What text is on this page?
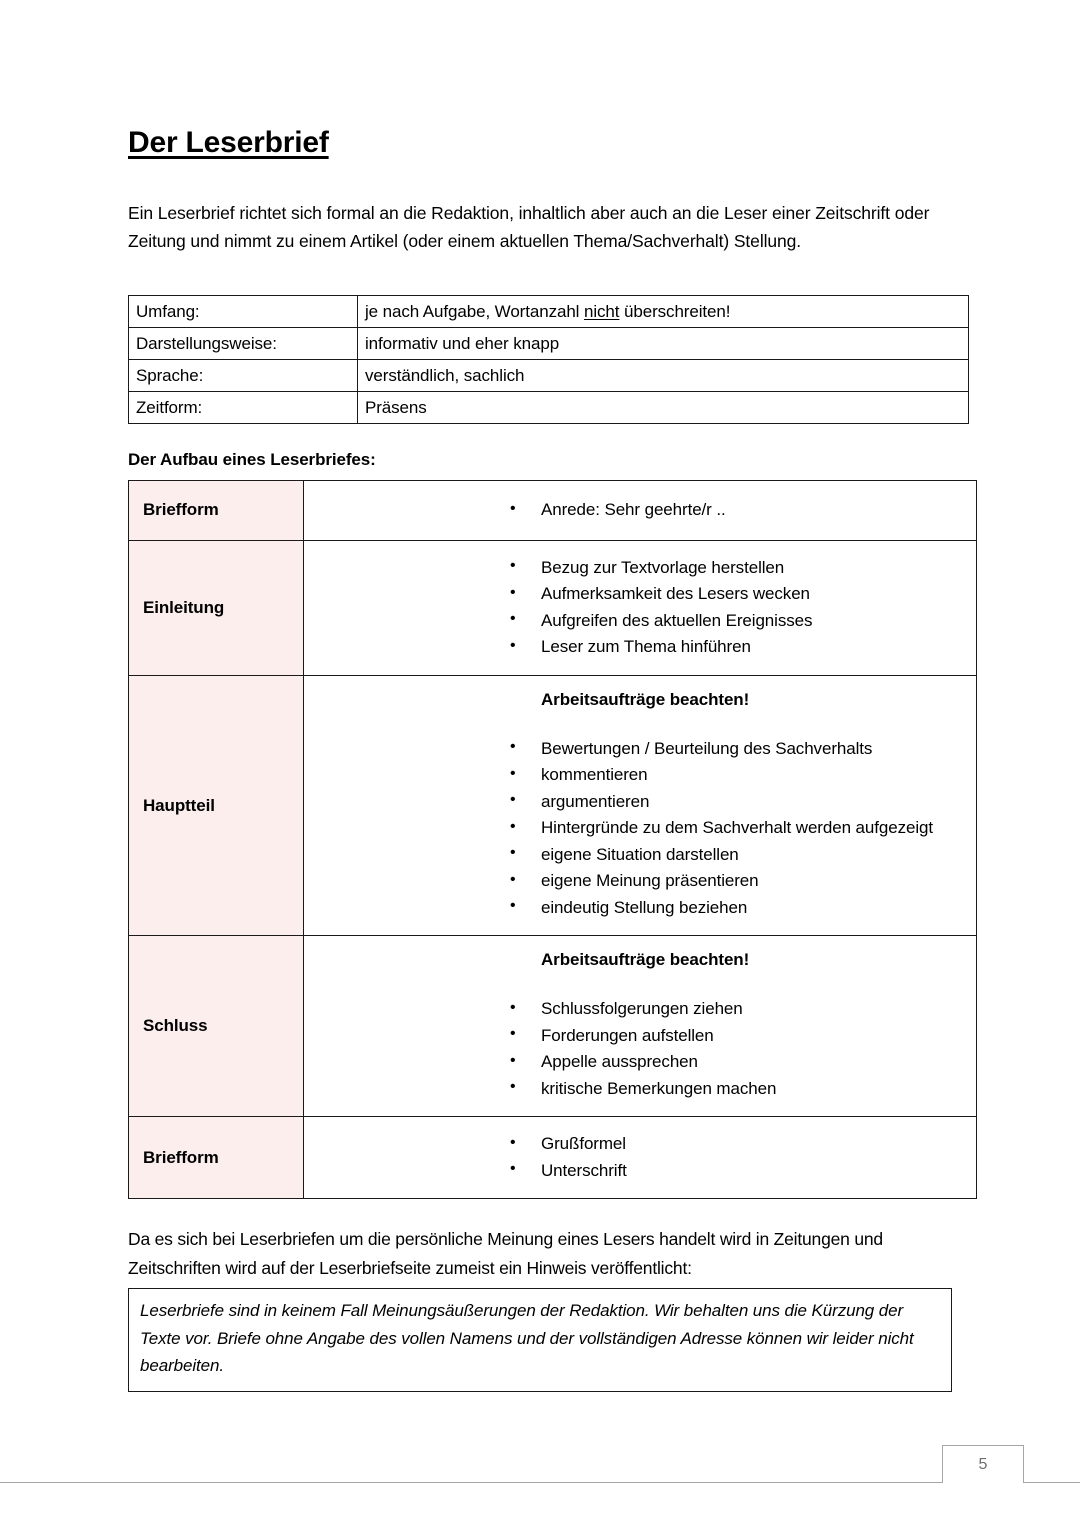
Der Leserbrief

Ein Leserbrief richtet sich formal an die Redaktion, inhaltlich aber auch an die Leser einer Zeitschrift oder Zeitung und nimmt zu einem Artikel (oder einem aktuellen Thema/Sachverhalt) Stellung.

Umfang:	je nach Aufgabe, Wortanzahl nicht überschreiten!
Darstellungsweise:	informativ und eher knapp
Sprache:	verständlich, sachlich
Zeitform:	Präsens

Der Aufbau eines Leserbriefes:

Briefform	
•Anrede: Sehr geehrte/r ..

Einleitung	
• Bezug zur Textvorlage herstellen
• Aufmerksamkeit des Lesers wecken
• Aufgreifen des aktuellen Ereignisses
• Leser zum Thema hinführen

Hauptteil	

Arbeitsaufträge beachten!

• Bewertungen / Beurteilung des Sachverhalts
• kommentieren
• argumentieren
• Hintergründe zu dem Sachverhalt werden aufgezeigt
• eigene Situation darstellen
• eigene Meinung präsentieren
• eindeutig Stellung beziehen

Schluss	

Arbeitsaufträge beachten!

• Schlussfolgerungen ziehen
• Forderungen aufstellen
• Appelle aussprechen
• kritische Bemerkungen machen

Briefform	
• Grußformel
• Unterschrift

Da es sich bei Leserbriefen um die persönliche Meinung eines Lesers handelt wird in Zeitungen und Zeitschriften wird auf der Leserbriefseite zumeist ein Hinweis veröffentlicht:

Leserbriefe sind in keinem Fall Meinungsäußerungen der Redaktion. Wir behalten uns die Kürzung der Texte vor. Briefe ohne Angabe des vollen Namens und der vollständigen Adresse können wir leider nicht bearbeiten.

5
